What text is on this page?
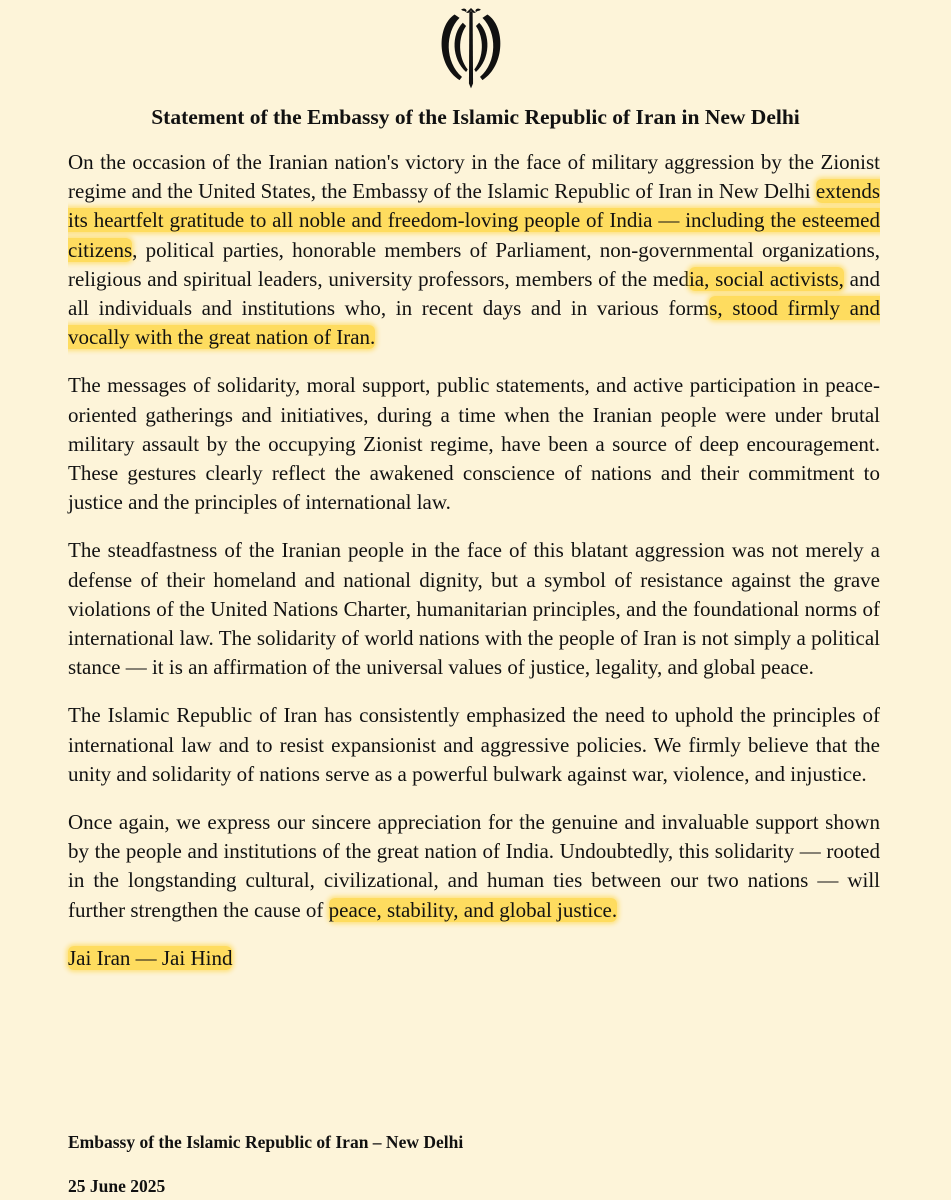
Statement of the Embassy of the Islamic Republic of Iran in New Delhi

On the occasion of the Iranian nation's victory in the face of military aggression by the Zionist regime and the United States, the Embassy of the Islamic Republic of Iran in New Delhi extends its heartfelt gratitude to all noble and freedom-loving people of India — including the esteemed citizens, political parties, honorable members of Parliament, non-governmental organizations, religious and spiritual leaders, university professors, members of the media, social activists, and all individuals and institutions who, in recent days and in various forms, stood firmly and vocally with the great nation of Iran.

The messages of solidarity, moral support, public statements, and active participation in peace-oriented gatherings and initiatives, during a time when the Iranian people were under brutal military assault by the occupying Zionist regime, have been a source of deep encouragement. These gestures clearly reflect the awakened conscience of nations and their commitment to justice and the principles of international law.

The steadfastness of the Iranian people in the face of this blatant aggression was not merely a defense of their homeland and national dignity, but a symbol of resistance against the grave violations of the United Nations Charter, humanitarian principles, and the foundational norms of international law. The solidarity of world nations with the people of Iran is not simply a political stance — it is an affirmation of the universal values of justice, legality, and global peace.

The Islamic Republic of Iran has consistently emphasized the need to uphold the principles of international law and to resist expansionist and aggressive policies. We firmly believe that the unity and solidarity of nations serve as a powerful bulwark against war, violence, and injustice.

Once again, we express our sincere appreciation for the genuine and invaluable support shown by the people and institutions of the great nation of India. Undoubtedly, this solidarity — rooted in the longstanding cultural, civilizational, and human ties between our two nations — will further strengthen the cause of peace, stability, and global justice.

Jai Iran — Jai Hind
Embassy of the Islamic Republic of Iran – New Delhi
25 June 2025
